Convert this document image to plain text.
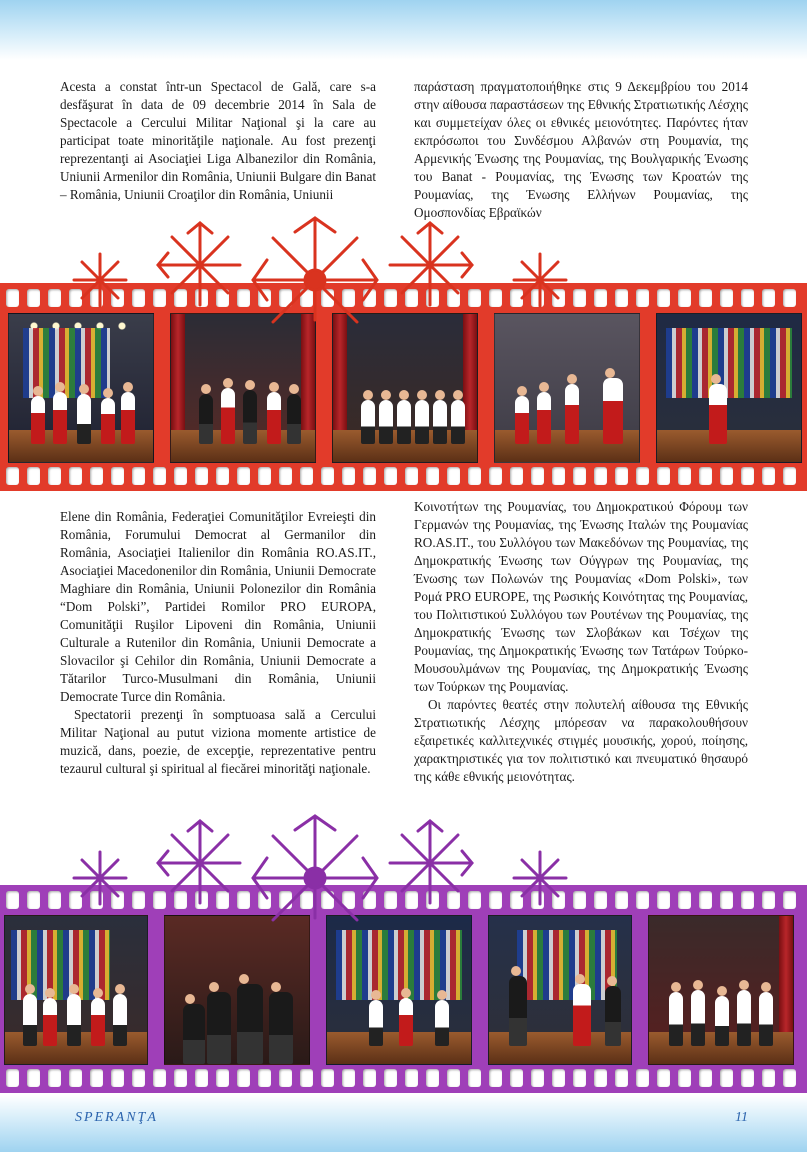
Acesta a constat într-un Spectacol de Gală, care s-a desfăşurat în data de 09 decembrie 2014 în Sala de Spectacole a Cercului Militar Naţional şi la care au participat toate minorităţile naţionale. Au fost prezenţi reprezentanţi ai Asociaţiei Liga Albanezilor din România, Uniunii Armenilor din România, Uniunii Bulgare din Banat – România, Uniunii Croaţilor din România, Uniunii

παράσταση πραγματοποιήθηκε στις 9 Δεκεμβρίου του 2014 στην αίθουσα παραστάσεων της Εθνικής Στρατιωτικής Λέσχης και συμμετείχαν όλες οι εθνικές μειονότητες. Παρόντες ήταν εκπρόσωποι του Συνδέσμου Αλβανών στη Ρουμανία, της Αρμενικής Ένωσης της Ρουμανίας, της Βουλγαρικής Ένωσης του Banat - Ρουμανίας, της Ένωσης των Κροατών της Ρουμανίας, της Ένωσης Ελλήνων Ρουμανίας, της Ομοσπονδίας Εβραϊκών

Elene din România, Federaţiei Comunităţilor Evreieşti din România, Forumului Democrat al Germanilor din România, Asociaţiei Italienilor din România RO.AS.IT., Asociaţiei Macedonenilor din România, Uniunii Democrate Maghiare din România, Uniunii Polonezilor din România “Dom Polski”, Partidei Romilor PRO EUROPA, Comunităţii Ruşilor Lipoveni din România, Uniunii Culturale a Rutenilor din România, Uniunii Democrate a Slovacilor şi Cehilor din România, Uniunii Democrate a Tătarilor Turco-Musulmani din România, Uniunii Democrate Turce din România.

Spectatorii prezenţi în somptuoasa sală a Cercului Militar Naţional au putut viziona momente artistice de muzică, dans, poezie, de excepţie, reprezentative pentru tezaurul cultural şi spiritual al fiecărei minorităţi naţionale.

Κοινοτήτων της Ρουμανίας, του Δημοκρατικού Φόρουμ των Γερμανών της Ρουμανίας, της Ένωσης Ιταλών της Ρουμανίας RO.AS.IT., του Συλλόγου των Μακεδόνων της Ρουμανίας, της Δημοκρατικής Ένωσης των Ούγγρων της Ρουμανίας, της Ένωσης των Πολωνών της Ρουμανίας «Dom Polski», των Ρομά PRO EUROPE, της Ρωσικής Κοινότητας της Ρουμανίας, του Πολιτιστικού Συλλόγου των Ρουτένων της Ρουμανίας, της Δημοκρατικής Ένωσης των Σλοβάκων και Τσέχων της Ρουμανίας, της Δημοκρατικής Ένωσης των Τατάρων Τούρκο-Μουσουλμάνων της Ρουμανίας, της Δημοκρατικής Ένωσης των Τούρκων της Ρουμανίας.

Οι παρόντες θεατές στην πολυτελή αίθουσα της Εθνικής Στρατιωτικής Λέσχης μπόρεσαν να παρακολουθήσουν εξαιρετικές καλλιτεχνικές στιγμές μουσικής, χορού, ποίησης, χαρακτηριστικές για τον πολιτιστικό και πνευματικό θησαυρό της κάθε εθνικής μειονότητας.

SPERANŢA	11
